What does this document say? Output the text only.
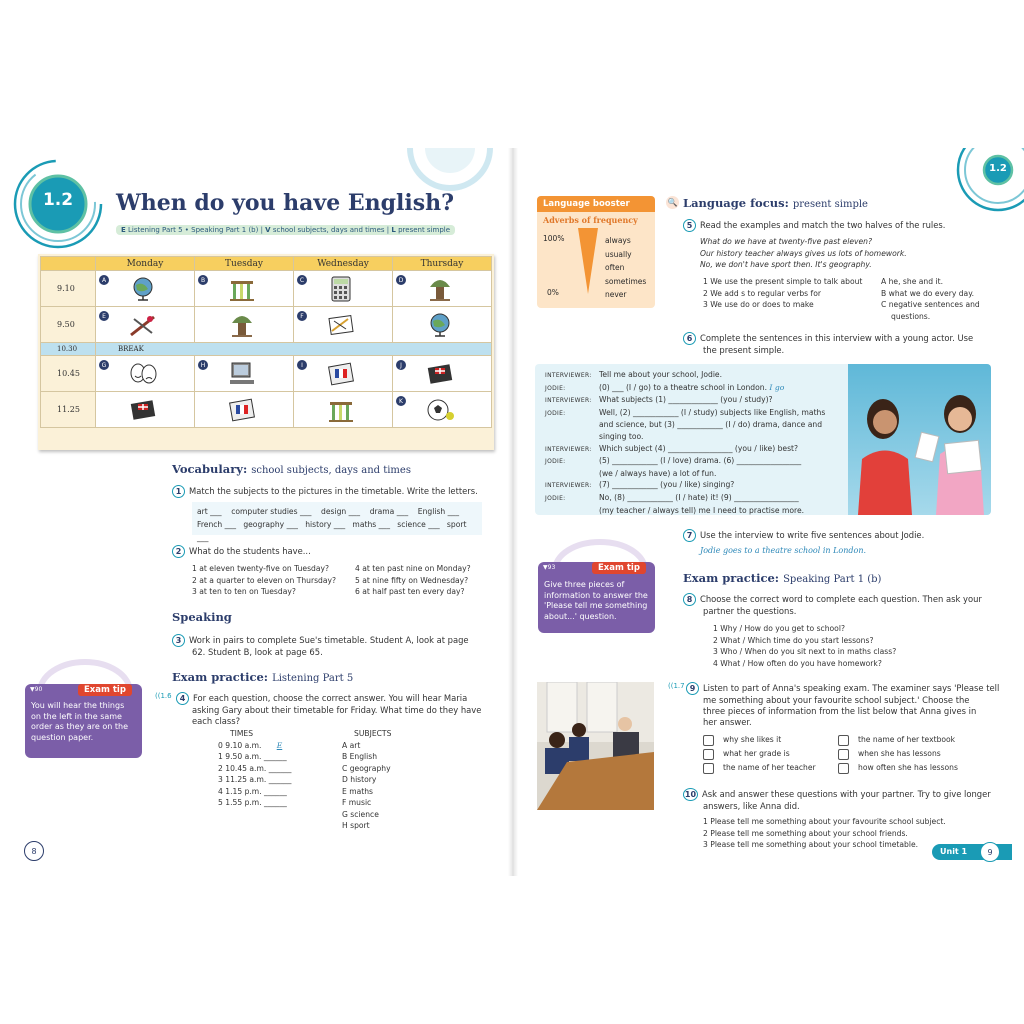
1.2	When do you have English?
E Listening Part 5 • Speaking Part 1 (b) | V school subjects, days and times | L present simple
	Monday	Tuesday	Wednesday	Thursday
9.10	A	B	C	D

9.50	E		F

10.30	BREAK			
10.45	G	H	I	J

11.25				K
Vocabulary: school subjects, days and times
1 Match the subjects to the pictures in the timetable. Write the letters.
art ___ computer studies ___ design ___ drama ___ English ___
French ___ geography ___ history ___ maths ___ science ___ sport ___
2 What do the students have...
1 at eleven twenty-five on Tuesday?
2 at a quarter to eleven on Thursday?
3 at ten to ten on Tuesday?
4 at ten past nine on Monday?
5 at nine fifty on Wednesday?
6 at half past ten every day?
Speaking
3 Work in pairs to complete Sue's timetable. Student A, look at page
62. Student B, look at page 65.
Exam practice: Listening Part 5
You will hear the things on the left in the same order as they are on the question paper.
▼90	Exam tip
((1.6	4 For each question, choose the correct answer. You will hear Maria
asking Gary about their timetable for Friday. What time do they have
each class?
TIMES
0 9.10 a.m. E
1 9.50 a.m. ______
2 10.45 a.m. ______
3 11.25 a.m. ______
4 1.15 p.m. ______
5 1.55 p.m. ______
SUBJECTS
A art
B English
C geography
D history
E maths
F music
G science
H sport
8
1.2
Language booster
Adverbs of frequency
100%
0%
always
usually
often
sometimes
never
🔍 Language focus: present simple
5 Read the examples and match the two halves of the rules.
What do we have at twenty-five past eleven?
Our history teacher always gives us lots of homework.
No, we don't have sport then. It's geography.
1 We use the present simple to talk about
2 We add s to regular verbs for
3 We use do or does to make
A he, she and it.
B what we do every day.
C negative sentences and
questions.
6 Complete the sentences in this interview with a young actor. Use
the present simple.
INTERVIEWER: Tell me about your school, Jodie.
JODIE:	(0) ___ (I / go) to a theatre school in London. I go
INTERVIEWER: What subjects (1) _____________ (you / study)?
JODIE:	Well, (2) ____________ (I / study) subjects like English, maths
and science, but (3) ____________ (I / do) drama, dance and
singing too.
INTERVIEWER: Which subject (4) _________________ (you / like) best?
JODIE:	(5) ____________ (I / love) drama. (6) _________________
(we / always have) a lot of fun.
INTERVIEWER: (7) ____________ (you / like) singing?
JODIE:	No, (8) ____________ (I / hate) it! (9) _________________
(my teacher / always tell) me I need to practise more.
7 Use the interview to write five sentences about Jodie.
Jodie goes to a theatre school in London.
Give three pieces of information to answer the 'Please tell me something about...' question.
▼93	Exam tip
Exam practice: Speaking Part 1 (b)
8 Choose the correct word to complete each question. Then ask your
partner the questions.
1 Why / How do you get to school?
2 What / Which time do you start lessons?
3 Who / When do you sit next to in maths class?
4 What / How often do you have homework?
((1.7 9 Listen to part of Anna's speaking exam. The examiner says 'Please tell
me something about your favourite school subject.' Choose the
three pieces of information from the list below that Anna gives in
her answer.
why she likes it
what her grade is
the name of her teacher
the name of her textbook
when she has lessons
how often she has lessons
10 Ask and answer these questions with your partner. Try to give longer
answers, like Anna did.
1 Please tell me something about your favourite school subject.
2 Please tell me something about your school friends.
3 Please tell me something about your school timetable.
Unit 1	9
